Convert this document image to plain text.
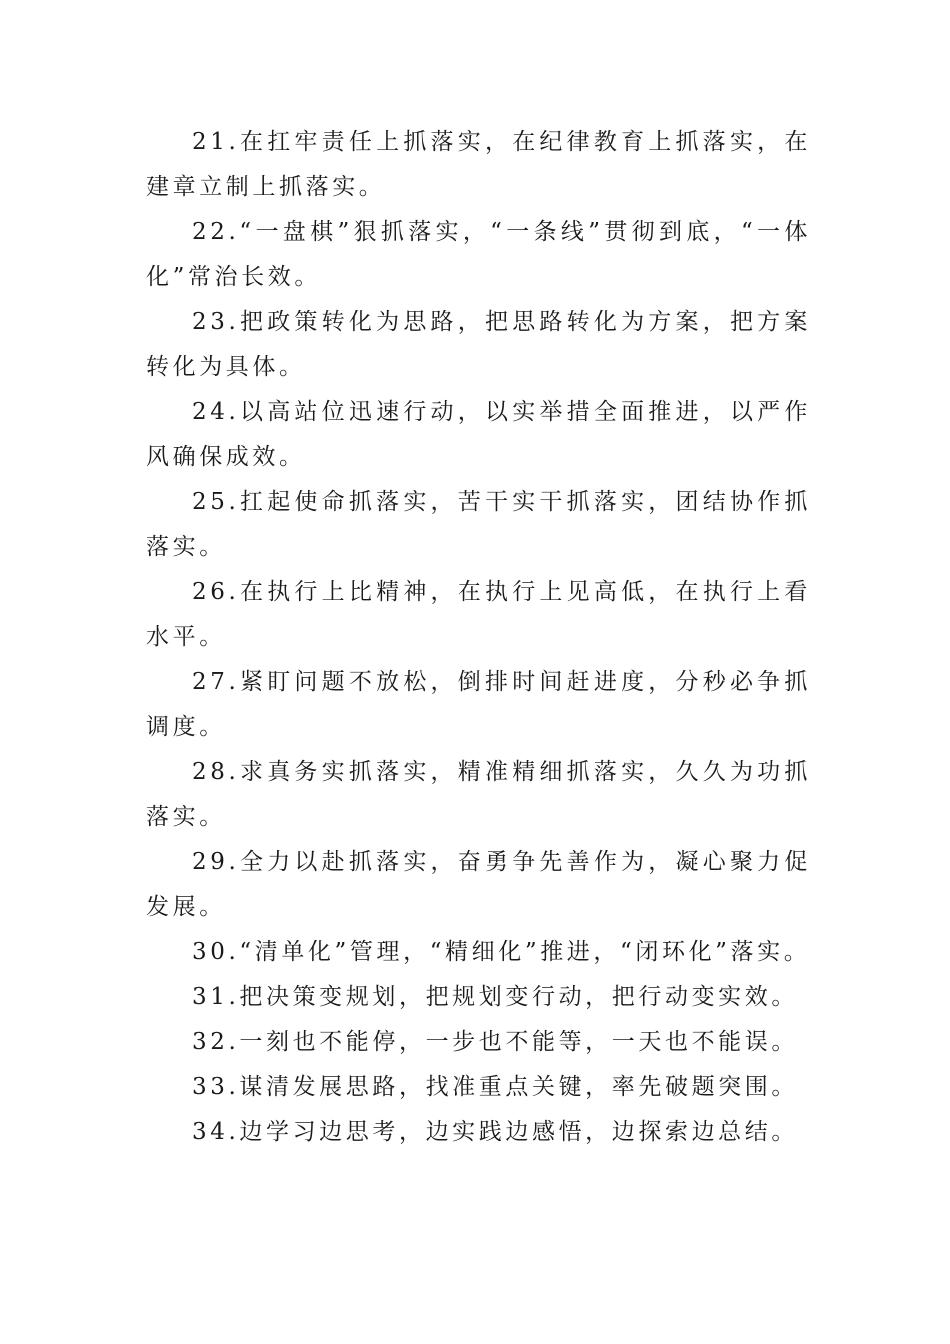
21.在扛牢责任上抓落实，在纪律教育上抓落实，在建章立制上抓落实。

22.“一盘棋”狠抓落实，“一条线”贯彻到底，“一体化”常治长效。

23.把政策转化为思路，把思路转化为方案，把方案转化为具体。

24.以高站位迅速行动，以实举措全面推进，以严作风确保成效。

25.扛起使命抓落实，苦干实干抓落实，团结协作抓落实。

26.在执行上比精神，在执行上见高低，在执行上看水平。

27.紧盯问题不放松，倒排时间赶进度，分秒必争抓调度。

28.求真务实抓落实，精准精细抓落实，久久为功抓落实。

29.全力以赴抓落实，奋勇争先善作为，凝心聚力促发展。

30.“清单化”管理，“精细化”推进，“闭环化”落实。

31.把决策变规划，把规划变行动，把行动变实效。

32.一刻也不能停，一步也不能等，一天也不能误。

33.谋清发展思路，找准重点关键，率先破题突围。

34.边学习边思考，边实践边感悟，边探索边总结。
